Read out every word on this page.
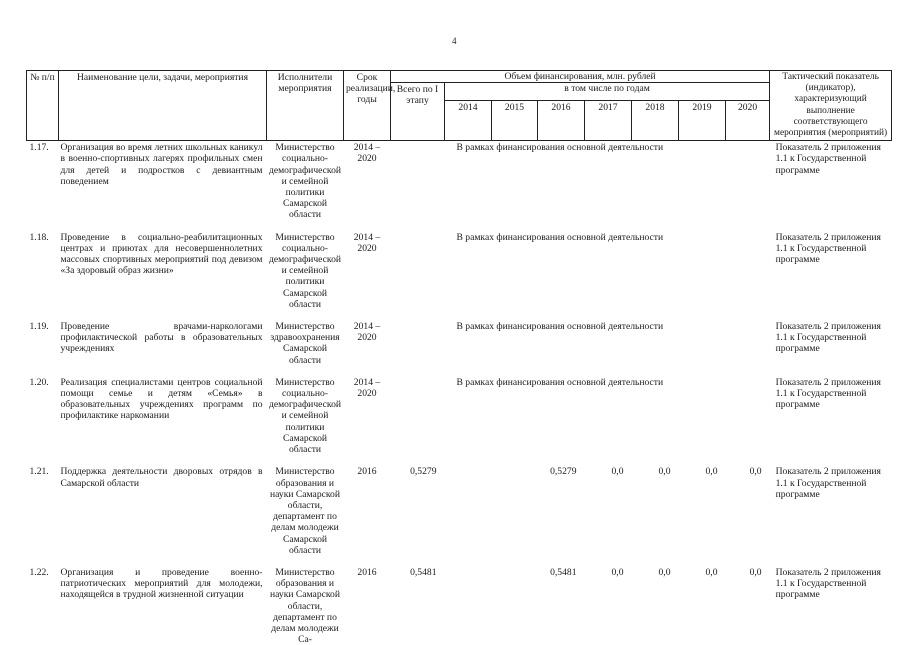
4
№ п/п	Наименование цели, задачи, мероприятия	Исполнители мероприятия	Срок реализации, годы	Объем финансирования, млн. рублей								Тактический показатель (индикатор), характеризующий выполнение соответствующего мероприятия (мероприятий)
				Всего по I этапу	в том числе по годам							
					2014	2015	2016	2017	2018	2019	2020	
1.17.	Организация во время летних школьных каникул в военно-спортивных лагерях профильных смен для детей и подростков с девиантным поведением	Министерство социально-демографической и семейной политики Самарской области	2014 – 2020	В рамках финансирования основной деятельности								Показатель 2 приложения 1.1 к Государственной программе
1.18.	Проведение в социально-реабилитационных центрах и приютах для несовершеннолетних массовых спортивных мероприятий под девизом «За здоровый образ жизни»	Министерство социально-демографической и семейной политики Самарской области	2014 – 2020	В рамках финансирования основной деятельности								Показатель 2 приложения 1.1 к Государственной программе
1.19.	Проведение врачами-наркологами профилактической работы в образовательных учреждениях	Министерство здравоохранения Самарской области	2014 – 2020	В рамках финансирования основной деятельности								Показатель 2 приложения 1.1 к Государственной программе
1.20.	Реализация специалистами центров социальной помощи семье и детям «Семья» в образовательных учреждениях программ по профилактике наркомании	Министерство социально-демографической и семейной политики Самарской области	2014 – 2020	В рамках финансирования основной деятельности								Показатель 2 приложения 1.1 к Государственной программе
1.21.	Поддержка деятельности дворовых отрядов в Самарской области	Министерство образования и науки Самарской области, департамент по делам молодежи Самарской области	2016	0,5279			0,5279	0,0	0,0	0,0	0,0	Показатель 2 приложения 1.1 к Государственной программе
1.22.	Организация и проведение военно-патриотических мероприятий для молодежи, находящейся в трудной жизненной ситуации	Министерство образования и науки Самарской области, департамент по делам молодежи Са-	2016	0,5481			0,5481	0,0	0,0	0,0	0,0	Показатель 2 приложения 1.1 к Государственной программе
